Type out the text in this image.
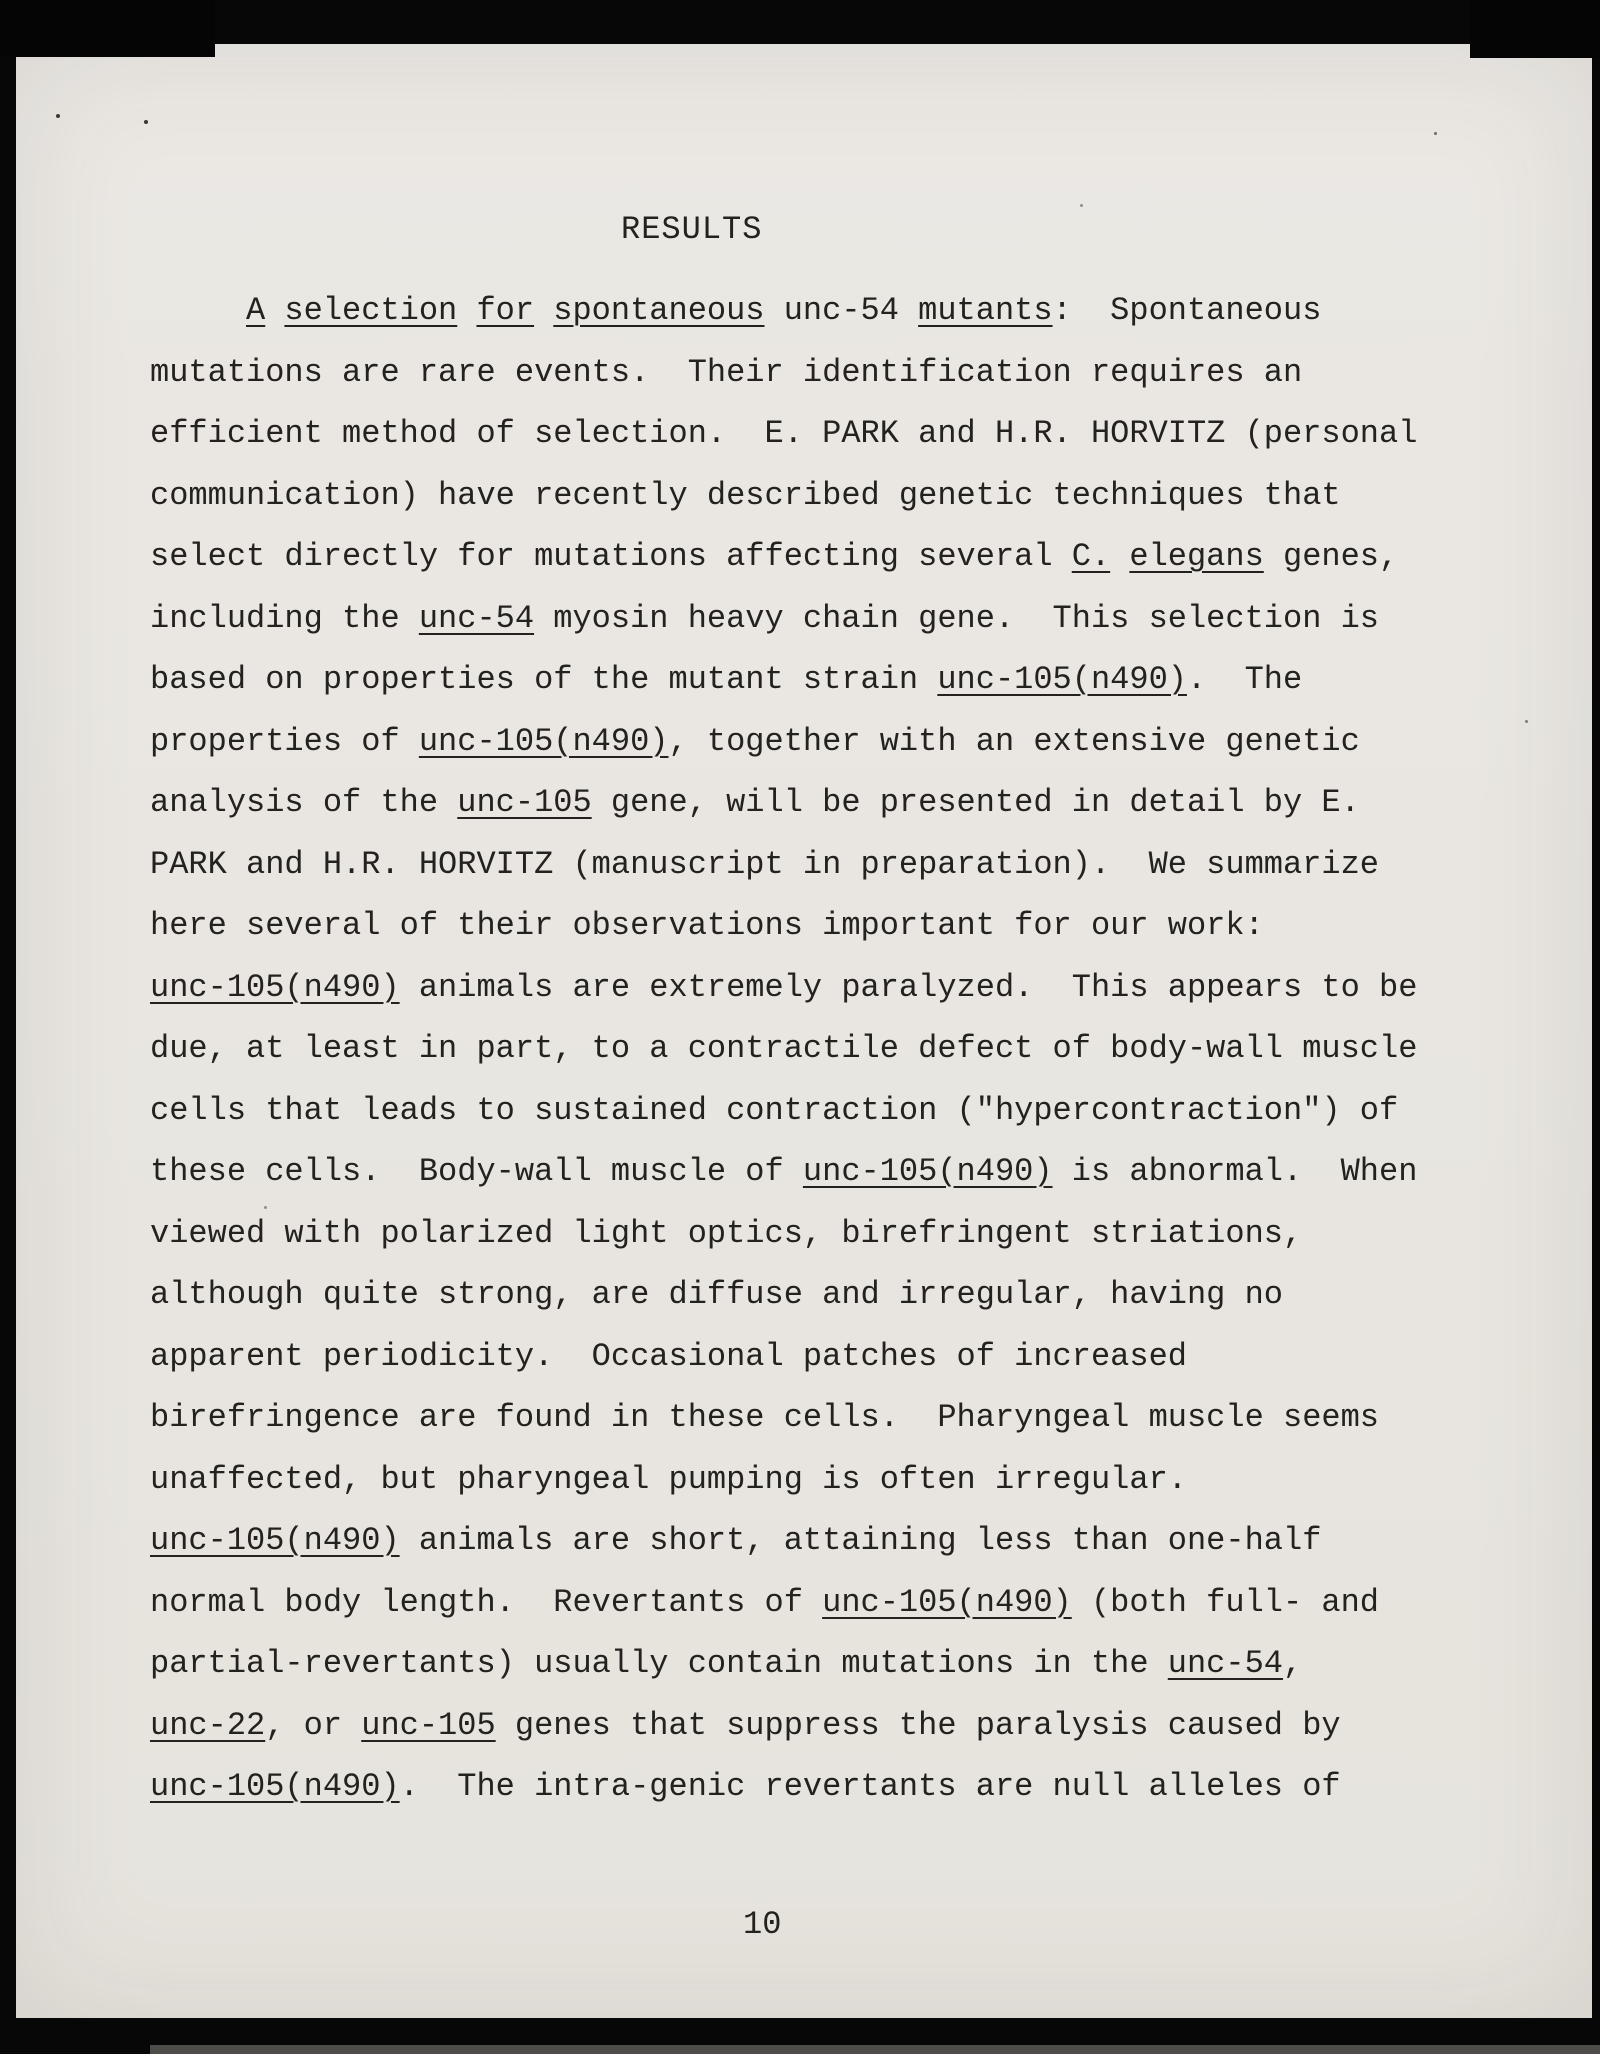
RESULTS
A selection for spontaneous unc-54 mutants:  Spontaneous
mutations are rare events.  Their identification requires an
efficient method of selection.  E. PARK and H.R. HORVITZ (personal
communication) have recently described genetic techniques that
select directly for mutations affecting several C. elegans genes,
including the unc-54 myosin heavy chain gene.  This selection is
based on properties of the mutant strain unc-105(n490).  The
properties of unc-105(n490), together with an extensive genetic
analysis of the unc-105 gene, will be presented in detail by E.
PARK and H.R. HORVITZ (manuscript in preparation).  We summarize
here several of their observations important for our work:
unc-105(n490) animals are extremely paralyzed.  This appears to be
due, at least in part, to a contractile defect of body-wall muscle
cells that leads to sustained contraction ("hypercontraction") of
these cells.  Body-wall muscle of unc-105(n490) is abnormal.  When
viewed with polarized light optics, birefringent striations,
although quite strong, are diffuse and irregular, having no
apparent periodicity.  Occasional patches of increased
birefringence are found in these cells.  Pharyngeal muscle seems
unaffected, but pharyngeal pumping is often irregular.
unc-105(n490) animals are short, attaining less than one-half
normal body length.  Revertants of unc-105(n490) (both full- and
partial-revertants) usually contain mutations in the unc-54,
unc-22, or unc-105 genes that suppress the paralysis caused by
unc-105(n490).  The intra-genic revertants are null alleles of
10
